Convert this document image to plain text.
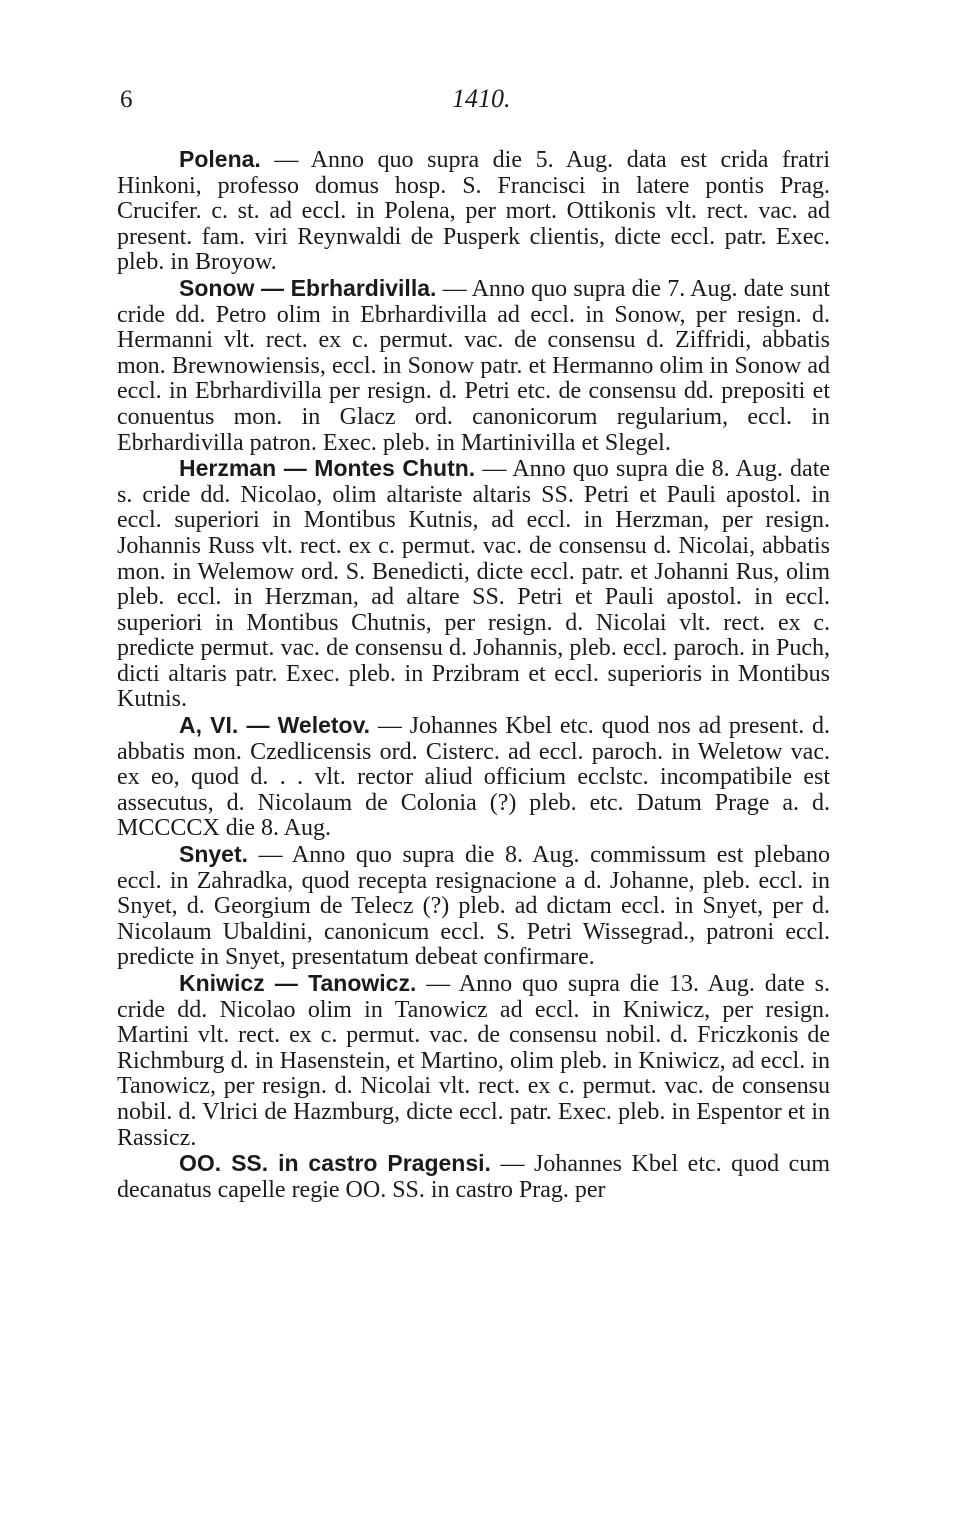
6	1410.

Polena. — Anno quo supra die 5. Aug. data est crida fratri Hinkoni, professo domus hosp. S. Francisci in latere pontis Prag. Crucifer. c. st. ad eccl. in Polena, per mort. Ottikonis vlt. rect. vac. ad present. fam. viri Reynwaldi de Pusperk clientis, dicte eccl. patr. Exec. pleb. in Broyow.

Sonow — Ebrhardivilla. — Anno quo supra die 7. Aug. date sunt cride dd. Petro olim in Ebrhardivilla ad eccl. in Sonow, per resign. d. Hermanni vlt. rect. ex c. permut. vac. de consensu d. Ziffridi, abbatis mon. Brewnowiensis, eccl. in Sonow patr. et Hermanno olim in Sonow ad eccl. in Ebrhardivilla per resign. d. Petri etc. de consensu dd. prepositi et conuentus mon. in Glacz ord. canonicorum regularium, eccl. in Ebrhardivilla patron. Exec. pleb. in Martinivilla et Slegel.

Herzman — Montes Chutn. — Anno quo supra die 8. Aug. date s. cride dd. Nicolao, olim altariste altaris SS. Petri et Pauli apostol. in eccl. superiori in Montibus Kutnis, ad eccl. in Herzman, per resign. Johannis Russ vlt. rect. ex c. permut. vac. de consensu d. Nicolai, abbatis mon. in Welemow ord. S. Benedicti, dicte eccl. patr. et Johanni Rus, olim pleb. eccl. in Herzman, ad altare SS. Petri et Pauli apostol. in eccl. superiori in Montibus Chutnis, per resign. d. Nicolai vlt. rect. ex c. predicte permut. vac. de consensu d. Johannis, pleb. eccl. paroch. in Puch, dicti altaris patr. Exec. pleb. in Przibram et eccl. superioris in Montibus Kutnis.

A, VI. — Weletov. — Johannes Kbel etc. quod nos ad present. d. abbatis mon. Czedlicensis ord. Cisterc. ad eccl. paroch. in Weletow vac. ex eo, quod d. . . vlt. rector aliud officium ecclstc. incompatibile est assecutus, d. Nicolaum de Colonia (?) pleb. etc. Datum Prage a. d. MCCCCX die 8. Aug.

Snyet. — Anno quo supra die 8. Aug. commissum est plebano eccl. in Zahradka, quod recepta resignacione a d. Johanne, pleb. eccl. in Snyet, d. Georgium de Telecz (?) pleb. ad dictam eccl. in Snyet, per d. Nicolaum Ubaldini, canonicum eccl. S. Petri Wissegrad., patroni eccl. predicte in Snyet, presentatum debeat confirmare.

Kniwicz — Tanowicz. — Anno quo supra die 13. Aug. date s. cride dd. Nicolao olim in Tanowicz ad eccl. in Kniwicz, per resign. Martini vlt. rect. ex c. permut. vac. de consensu nobil. d. Friczkonis de Richmburg d. in Hasenstein, et Martino, olim pleb. in Kniwicz, ad eccl. in Tanowicz, per resign. d. Nicolai vlt. rect. ex c. permut. vac. de consensu nobil. d. Vlrici de Hazmburg, dicte eccl. patr. Exec. pleb. in Espentor et in Rassicz.

OO. SS. in castro Pragensi. — Johannes Kbel etc. quod cum decanatus capelle regie OO. SS. in castro Prag. per
